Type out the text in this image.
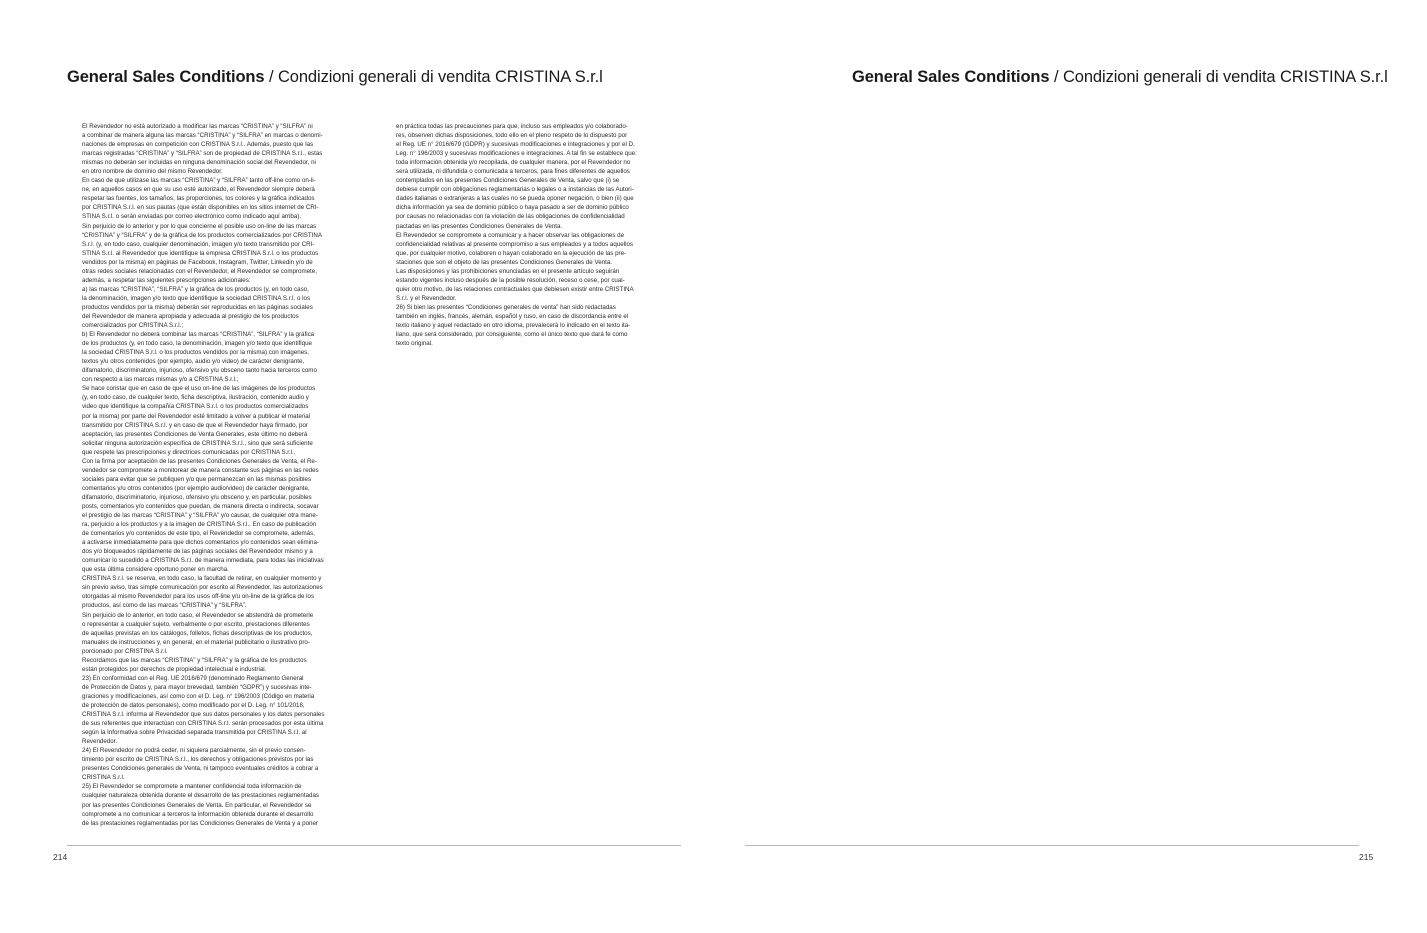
General Sales Conditions / Condizioni generali di vendita CRISTINA S.r.l

El Revendedor no está autorizado a modificar las marcas “CRISTINA” y “SILFRA” ni

a combinar de manera alguna las marcas “CRISTINA” y “SILFRA” en marcas o denomi-

naciones de empresas en competición con CRISTINA S.r.l.. Además, puesto que las

marcas registradas “CRISTINA” y “SILFRA” son de propiedad de CRISTINA S.r.l., estas

mismas no deberán ser incluidas en ninguna denominación social del Revendedor, ni

en otro nombre de dominio del mismo Revendedor.

En caso de que utilizase las marcas “CRISTINA” y “SILFRA” tanto off-line como on-li-

ne, en aquellos casos en que su uso esté autorizado, el Revendedor siempre deberá

respetar las fuentes, los tamaños, las proporciones, los colores y la gráfica indicados

por CRISTINA S.r.l. en sus pautas (que están disponibles en los sitios internet de CRI-

STINA S.r.l. o serán enviadas por correo electrónico como indicado aquí arriba).

Sin perjuicio de lo anterior y por lo que concierne el posible uso on-line de las marcas

“CRISTINA” y “SILFRA” y de la gráfica de los productos comercializados por CRISTINA

S.r.l. (y, en todo caso, cualquier denominación, imagen y/o texto transmitido por CRI-

STINA S.r.l. al Revendedor que identifique la empresa CRISTINA S.r.l. o los productos

vendidos por la misma) en páginas de Facebook, Instagram, Twitter, Linkedin y/o de

otras redes sociales relacionadas con el Revendedor, el Revendedor se compromete,

además, a respetar las siguientes prescripciones adicionales:

a) las marcas “CRISTINA”, “SILFRA” y la gráfica de los productos (y, en todo caso,

la denominación, imagen y/o texto que identifique la sociedad CRISTINA S.r.l. o los

productos vendidos por la misma) deberán ser reproducidas en las páginas sociales

del Revendedor de manera apropiada y adecuada al prestigio de los productos

comercializados por CRISTINA S.r.l.;

b) El Revendedor no deberá combinar las marcas “CRISTINA”, “SILFRA” y la gráfica

de los productos (y, en todo caso, la denominación, imagen y/o texto que identifique

la sociedad CRISTINA S.r.l. o los productos vendidos por la misma) con imágenes,

textos y/u otros contenidos (por ejemplo, audio y/o video) de carácter denigrante,

difamatorio, discriminatorio, injurioso, ofensivo y/u obsceno tanto hacia terceros como

con respecto a las marcas mismas y/o a CRISTINA S.r.l.;

Se hace constar que en caso de que el uso on-line de las imágenes de los productos

(y, en todo caso, de cualquier texto, ficha descriptiva, ilustración, contenido audio y

video que identifique la compañía CRISTINA S.r.l. o los productos comercializados

por la misma) por parte del Revendedor esté limitado a volver a publicar el material

transmitido por CRISTINA S.r.l. y en caso de que el Revendedor haya firmado, por

aceptación, las presentes Condiciones de Venta Generales, este último no deberá

solicitar ninguna autorización específica de CRISTINA S.r.l., sino que será suficiente

que respete las prescripciones y directrices comunicadas por CRISTINA S.r.l..

Con la firma por aceptación de las presentes Condiciones Generales de Venta, el Re-

vendedor se compromete a monitorear de manera constante sus páginas en las redes

sociales para evitar que se publiquen y/o que permanezcan en las mismas posibles

comentarios y/u otros contenidos (por ejemplo audio/video) de carácter denigrante,

difamatorio, discriminatorio, injurioso, ofensivo y/u obsceno y, en particular, posibles

posts, comentarios y/o contenidos que puedan, de manera directa o indirecta, socavar

el prestigio de las marcas “CRISTINA” y “SILFRA” y/o causar, de cualquier otra mane-

ra, perjuicio a los productos y a la imagen de CRISTINA S.r.l.. En caso de publicación

de comentarios y/o contenidos de este tipo, el Revendedor se compromete, además,

a activarse inmediatamente para que dichos comentarios y/o contenidos sean elimina-

dos y/o bloqueados rápidamente de las páginas sociales del Revendedor mismo y a

comunicar lo sucedido a CRISTINA S.r.l. de manera inmediata, para todas las iniciativas

que esta última considere oportuno poner en marcha.

CRISTINA S.r.l. se reserva, en todo caso, la facultad de retirar, en cualquier momento y

sin previo aviso, tras simple comunicación por escrito al Revendedor, las autorizaciones

otorgadas al mismo Revendedor para los usos off-line y/u on-line de la gráfica de los

productos, así como de las marcas “CRISTINA” y “SILFRA”.

Sin perjuicio de lo anterior, en todo caso, el Revendedor se abstendrá de prometerle

o representar a cualquier sujeto, verbalmente o por escrito, prestaciones diferentes

de aquellas previstas en los catálogos, folletos, fichas descriptivas de los productos,

manuales de instrucciones y, en general, en el material publicitario o ilustrativo pro-

porcionado por CRISTINA S.r.l.

Recordamos que las marcas “CRISTINA” y “SILFRA” y la gráfica de los productos

están protegidos por derechos de propiedad intelectual e industrial.

23) En conformidad con el Reg. UE 2016/679 (denominado Reglamento General

de Protección de Datos y, para mayor brevedad, también “GDPR”) y sucesivas inte-

graciones y modificaciones, así como con el D. Leg. n° 196/2003 (Código en materia

de protección de datos personales), como modificado por el D. Leg. n° 101/2018,

CRISTINA S.r.l. informa al Revendedor que sus datos personales y los datos personales

de sus referentes que interactúan con CRISTINA S.r.l. serán procesados por esta última

según la Informativa sobre Privacidad separada transmitida por CRISTINA S.r.l. al

Revendedor.

24) El Revendedor no podrá ceder, ni siquiera parcialmente, sin el previo consen-

timiento por escrito de CRISTINA S.r.l., los derechos y obligaciones previstos por las

presentes Condiciones generales de Venta, ni tampoco eventuales créditos a cobrar a

CRISTINA S.r.l.

25) El Revendedor se compromete a mantener confidencial toda información de

cualquier naturaleza obtenida durante el desarrollo de las prestaciones reglamentadas

por las presentes Condiciones Generales de Venta. En particular, el Revendedor se

compromete a no comunicar a terceros la información obtenida durante el desarrollo

de las prestaciones reglamentadas por las Condiciones Generales de Venta y a poner

en práctica todas las precauciones para que, incluso sus empleados y/o colaborado-

res, observen dichas disposiciones, todo ello en el pleno respeto de lo dispuesto por

el Reg. UE n° 2016/679 (GDPR) y sucesivas modificaciones e integraciones y por el D.

Leg. n° 196/2003 y sucesivas modificaciones e integraciones. A tal fin se establece que:

toda información obtenida y/o recopilada, de cualquier manera, por el Revendedor no

será utilizada, ni difundida o comunicada a terceros, para fines diferentes de aquellos

contemplados en las presentes Condiciones Generales de Venta, salvo que (i) se

debiese cumplir con obligaciones reglamentarias o legales o a instancias de las Autori-

dades italianas o extranjeras a las cuales no se pueda oponer negación, o bien (ii) que

dicha información ya sea de dominio público o haya pasado a ser de dominio público

por causas no relacionadas con la violación de las obligaciones de confidencialidad

pactadas en las presentes Condiciones Generales de Venta.

El Revendedor se compromete a comunicar y a hacer observar las obligaciones de

confidencialidad relativas al presente compromiso a sus empleados y a todos aquellos

que, por cualquier motivo, colaboren o hayan colaborado en la ejecución de las pre-

staciones que son el objeto de las presentes Condiciones Generales de Venta.

Las disposiciones y las prohibiciones enunciadas en el presente artículo seguirán

estando vigentes incluso después de la posible resolución, receso o cese, por cual-

quier otro motivo, de las relaciones contractuales que debiesen existir entre CRISTINA

S.r.l. y el Revendedor.

26) Si bien las presentes “Condiciones generales de venta” han sido redactadas

también en inglés, francés, alemán, español y ruso, en caso de discordancia entre el

texto italiano y aquel redactado en otro idioma, prevalecerá lo indicado en el texto ita-

liano, que será considerado, por consiguiente, como el único texto que dará fe como

texto original.

214
General Sales Conditions / Condizioni generali di vendita CRISTINA S.r.l
215
